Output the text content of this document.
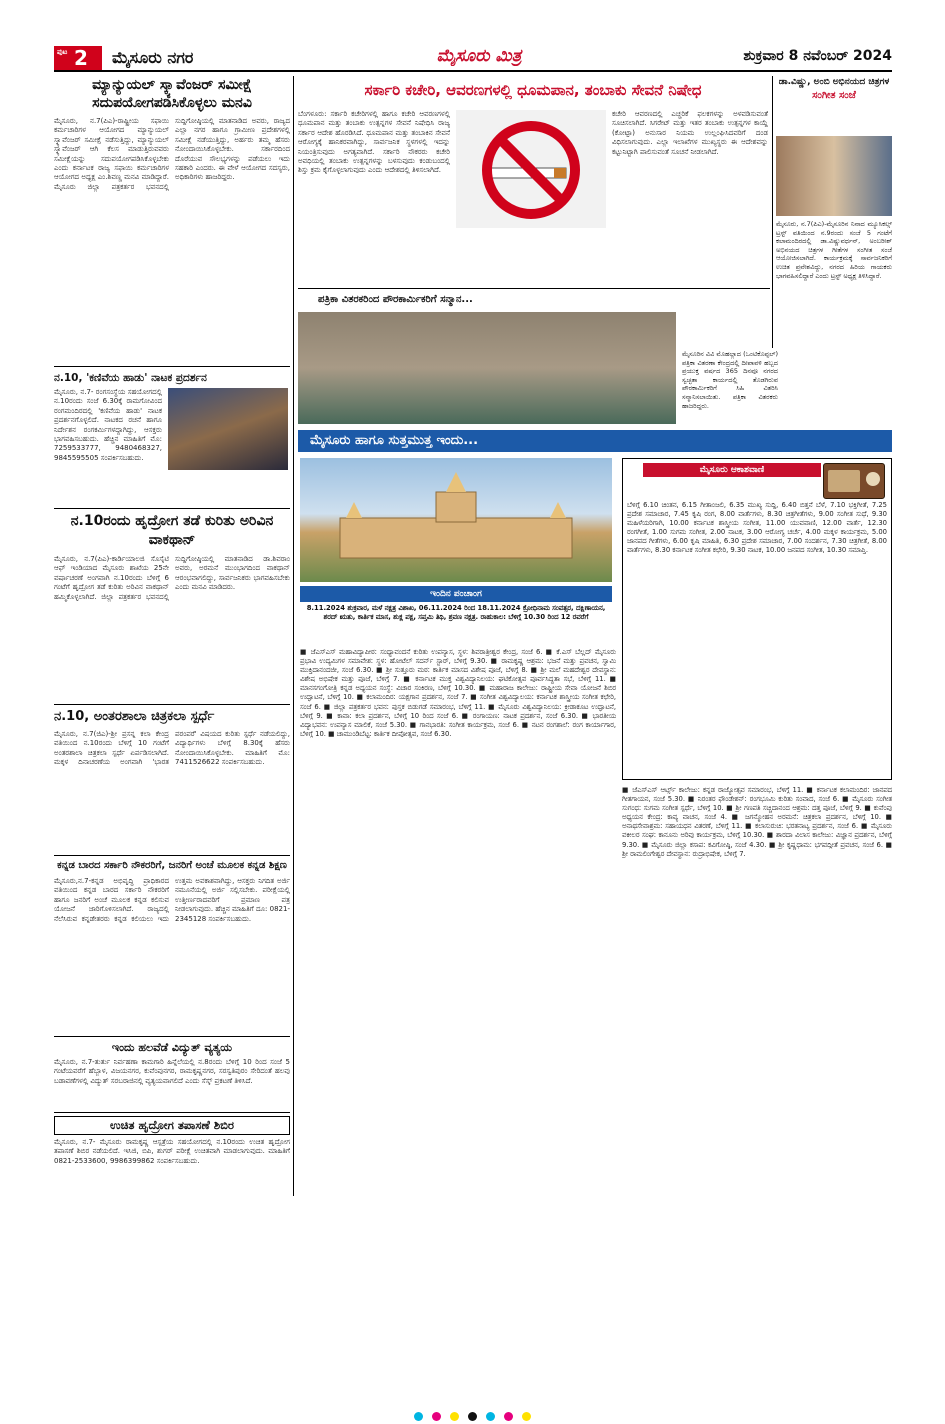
ಪುಟ 2 ಮೈಸೂರು ನಗರ	ಮೈಸೂರು ಮಿತ್ರ	ಶುಕ್ರವಾರ 8 ನವೆಂಬರ್ 2024
ಮ್ಯಾನ್ಯುಯಲ್ ಸ್ಕ್ಯಾವೆಂಜರ್ ಸಮೀಕ್ಷೆ ಸದುಪಯೋಗಪಡಿಸಿಕೊಳ್ಳಲು ಮನವಿ
ಮೈಸೂರು, ನ.7(ಪಿಎ)-ರಾಷ್ಟ್ರೀಯ ಸಫಾಯಿ ಕರ್ಮಚಾರಿಗಳ ಆಯೋಗದ ಮ್ಯಾನ್ಯುಯಲ್ ಸ್ಕ್ಯಾವೆಂಜರ್ ಸಮೀಕ್ಷೆ ನಡೆಸುತ್ತಿದ್ದು, ಮ್ಯಾನ್ಯುಯಲ್ ಸ್ಕ್ಯಾವೆಂಜರ್ ಆಗಿ ಕೆಲಸ ಮಾಡುತ್ತಿರುವವರು ಸಮೀಕ್ಷೆಯನ್ನು ಸದುಪಯೋಗಪಡಿಸಿಕೊಳ್ಳಬೇಕು ಎಂದು ಕರ್ನಾಟಕ ರಾಜ್ಯ ಸಫಾಯಿ ಕರ್ಮಚಾರಿಗಳ ಆಯೋಗದ ಅಧ್ಯಕ್ಷ ಎಂ.ಶಿವಣ್ಣ ಮನವಿ ಮಾಡಿದ್ದಾರೆ. ಮೈಸೂರು ಜಿಲ್ಲಾ ಪತ್ರಕರ್ತರ ಭವನದಲ್ಲಿ ಸುದ್ದಿಗೋಷ್ಠಿಯಲ್ಲಿ ಮಾತನಾಡಿದ ಅವರು, ರಾಜ್ಯದ ಎಲ್ಲಾ ನಗರ ಹಾಗೂ ಗ್ರಾಮೀಣ ಪ್ರದೇಶಗಳಲ್ಲಿ ಸಮೀಕ್ಷೆ ನಡೆಯುತ್ತಿದ್ದು, ಅರ್ಹರು ತಮ್ಮ ಹೆಸರು ನೋಂದಾಯಿಸಿಕೊಳ್ಳಬೇಕು. ಸರ್ಕಾರದಿಂದ ದೊರೆಯುವ ಸೌಲಭ್ಯಗಳನ್ನು ಪಡೆಯಲು ಇದು ಸಹಕಾರಿ ಎಂದರು. ಈ ವೇಳೆ ಆಯೋಗದ ಸದಸ್ಯರು, ಅಧಿಕಾರಿಗಳು ಹಾಜರಿದ್ದರು.
ನ.10, 'ಕಣಿವೆಯ ಹಾಡು' ನಾಟಕ ಪ್ರದರ್ಶನ
ಮೈಸೂರು, ನ.7- ರಂಗಸಂಸ್ಥೆಯ ಸಹಯೋಗದಲ್ಲಿ ನ.10ರಂದು ಸಂಜೆ 6.30ಕ್ಕೆ ರಾಮಗೋವಿಂದ ರಂಗಮಂದಿರದಲ್ಲಿ 'ಕಣಿವೆಯ ಹಾಡು' ನಾಟಕ ಪ್ರದರ್ಶನಗೊಳ್ಳಲಿದೆ. ನಾಟಕದ ರಚನೆ ಹಾಗೂ ನಿರ್ದೇಶನ ರಂಗಕರ್ಮಿಗಳದ್ದಾಗಿದ್ದು, ಆಸಕ್ತರು ಭಾಗವಹಿಸಬಹುದು. ಹೆಚ್ಚಿನ ಮಾಹಿತಿಗೆ ಮೊ: 7259533777, 9480468327, 9845595505 ಸಂಪರ್ಕಿಸಬಹುದು.
ನ.10ರಂದು ಹೃದ್ರೋಗ ತಡೆ ಕುರಿತು ಅರಿವಿನ ವಾಕಥಾನ್
ಮೈಸೂರು, ನ.7(ಪಿಎ)-ಕಾರ್ಡಿಯಾಲಜಿ ಸೊಸೈಟಿ ಆಫ್ ಇಂಡಿಯಾದ ಮೈಸೂರು ಶಾಖೆಯ 25ನೇ ವರ್ಷಾಚರಣೆ ಅಂಗವಾಗಿ ನ.10ರಂದು ಬೆಳಿಗ್ಗೆ 6 ಗಂಟೆಗೆ ಹೃದ್ರೋಗ ತಡೆ ಕುರಿತು ಅರಿವಿನ ವಾಕಥಾನ್ ಹಮ್ಮಿಕೊಳ್ಳಲಾಗಿದೆ. ಜಿಲ್ಲಾ ಪತ್ರಕರ್ತರ ಭವನದಲ್ಲಿ ಸುದ್ದಿಗೋಷ್ಠಿಯಲ್ಲಿ ಮಾತನಾಡಿದ ಡಾ.ಶಿವರಾಂ ಅವರು, ಅರಮನೆ ಮುಂಭಾಗದಿಂದ ವಾಕಥಾನ್ ಆರಂಭವಾಗಲಿದ್ದು, ಸಾರ್ವಜನಿಕರು ಭಾಗವಹಿಸಬೇಕು ಎಂದು ಮನವಿ ಮಾಡಿದರು.
ನ.10, ಅಂತರಶಾಲಾ ಚಿತ್ರಕಲಾ ಸ್ಪರ್ಧೆ
ಮೈಸೂರು, ನ.7(ಜಿಎ)-ಶ್ರೀ ಪ್ರಸನ್ನ ಕಲಾ ಕೇಂದ್ರ ವತಿಯಿಂದ ನ.10ರಂದು ಬೆಳಿಗ್ಗೆ 10 ಗಂಟೆಗೆ ಅಂತರಶಾಲಾ ಚಿತ್ರಕಲಾ ಸ್ಪರ್ಧೆ ಏರ್ಪಡಿಸಲಾಗಿದೆ. ಮಕ್ಕಳ ದಿನಾಚರಣೆಯ ಅಂಗವಾಗಿ 'ಭಾರತ ಪರಂಪರೆ' ವಿಷಯದ ಕುರಿತು ಸ್ಪರ್ಧೆ ನಡೆಯಲಿದ್ದು, ವಿದ್ಯಾರ್ಥಿಗಳು ಬೆಳಿಗ್ಗೆ 8.30ಕ್ಕೆ ಹೆಸರು ನೋಂದಾಯಿಸಿಕೊಳ್ಳಬೇಕು. ಮಾಹಿತಿಗೆ ಮೊ: 7411526622 ಸಂಪರ್ಕಿಸಬಹುದು.
ಕನ್ನಡ ಬಾರದ ಸರ್ಕಾರಿ ನೌಕರರಿಗೆ, ಜನರಿಗೆ ಅಂಚೆ ಮೂಲಕ ಕನ್ನಡ ಶಿಕ್ಷಣ
ಮೈಸೂರು,ನ.7-ಕನ್ನಡ ಅಭಿವೃದ್ಧಿ ಪ್ರಾಧಿಕಾರದ ವತಿಯಿಂದ ಕನ್ನಡ ಬಾರದ ಸರ್ಕಾರಿ ನೌಕರರಿಗೆ ಹಾಗೂ ಜನರಿಗೆ ಅಂಚೆ ಮೂಲಕ ಕನ್ನಡ ಕಲಿಸುವ ಯೋಜನೆ ಜಾರಿಗೊಳಿಸಲಾಗಿದೆ. ರಾಜ್ಯದಲ್ಲಿ ನೆಲೆಸಿರುವ ಕನ್ನಡೇತರರು ಕನ್ನಡ ಕಲಿಯಲು ಇದು ಉತ್ತಮ ಅವಕಾಶವಾಗಿದ್ದು, ಆಸಕ್ತರು ನಿಗದಿತ ಅರ್ಜಿ ನಮೂನೆಯಲ್ಲಿ ಅರ್ಜಿ ಸಲ್ಲಿಸಬೇಕು. ಪರೀಕ್ಷೆಯಲ್ಲಿ ಉತ್ತೀರ್ಣರಾದವರಿಗೆ ಪ್ರಮಾಣ ಪತ್ರ ನೀಡಲಾಗುವುದು. ಹೆಚ್ಚಿನ ಮಾಹಿತಿಗೆ ದೂ: 0821-2345128 ಸಂಪರ್ಕಿಸಬಹುದು.
ಇಂದು ಹಲವೆಡೆ ವಿದ್ಯುತ್ ವ್ಯತ್ಯಯ
ಮೈಸೂರು, ನ.7-ತುರ್ತು ನಿರ್ವಹಣಾ ಕಾಮಗಾರಿ ಹಿನ್ನೆಲೆಯಲ್ಲಿ ನ.8ರಂದು ಬೆಳಿಗ್ಗೆ 10 ರಿಂದ ಸಂಜೆ 5 ಗಂಟೆಯವರೆಗೆ ಹೆಬ್ಬಾಳ, ವಿಜಯನಗರ, ಕುವೆಂಪುನಗರ, ರಾಮಕೃಷ್ಣನಗರ, ಸರಸ್ವತಿಪುರಂ ಸೇರಿದಂತೆ ಹಲವು ಬಡಾವಣೆಗಳಲ್ಲಿ ವಿದ್ಯುತ್ ಸರಬರಾಜಿನಲ್ಲಿ ವ್ಯತ್ಯಯವಾಗಲಿದೆ ಎಂದು ಸೆಸ್ಕ್ ಪ್ರಕಟಣೆ ತಿಳಿಸಿದೆ.
ಉಚಿತ ಹೃದ್ರೋಗ ತಪಾಸಣೆ ಶಿಬಿರ
ಮೈಸೂರು, ನ.7- ಮೈಸೂರು ರಾಮಕೃಷ್ಣ ಆಸ್ಪತ್ರೆಯ ಸಹಯೋಗದಲ್ಲಿ ನ.10ರಂದು ಉಚಿತ ಹೃದ್ರೋಗ ತಪಾಸಣೆ ಶಿಬಿರ ನಡೆಯಲಿದೆ. ಇಸಿಜಿ, ಬಿಪಿ, ಶುಗರ್ ಪರೀಕ್ಷೆ ಉಚಿತವಾಗಿ ಮಾಡಲಾಗುವುದು. ಮಾಹಿತಿಗೆ 0821-2533600, 9986399862 ಸಂಪರ್ಕಿಸಬಹುದು.
ಸರ್ಕಾರಿ ಕಚೇರಿ, ಆವರಣಗಳಲ್ಲಿ ಧೂಮಪಾನ, ತಂಬಾಕು ಸೇವನೆ ನಿಷೇಧ
ಬೆಂಗಳೂರು: ಸರ್ಕಾರಿ ಕಚೇರಿಗಳಲ್ಲಿ ಹಾಗೂ ಕಚೇರಿ ಆವರಣಗಳಲ್ಲಿ ಧೂಮಪಾನ ಮತ್ತು ತಂಬಾಕು ಉತ್ಪನ್ನಗಳ ಸೇವನೆ ನಿಷೇಧಿಸಿ ರಾಜ್ಯ ಸರ್ಕಾರ ಆದೇಶ ಹೊರಡಿಸಿದೆ. ಧೂಮಪಾನ ಮತ್ತು ತಂಬಾಕಿನ ಸೇವನೆ ಆರೋಗ್ಯಕ್ಕೆ ಹಾನಿಕರವಾಗಿದ್ದು, ಸಾರ್ವಜನಿಕ ಸ್ಥಳಗಳಲ್ಲಿ ಇದನ್ನು ನಿಯಂತ್ರಿಸುವುದು ಅಗತ್ಯವಾಗಿದೆ. ಸರ್ಕಾರಿ ನೌಕರರು ಕಚೇರಿ ಅವಧಿಯಲ್ಲಿ ತಂಬಾಕು ಉತ್ಪನ್ನಗಳನ್ನು ಬಳಸುವುದು ಕಂಡುಬಂದಲ್ಲಿ ಶಿಸ್ತು ಕ್ರಮ ಕೈಗೊಳ್ಳಲಾಗುವುದು ಎಂದು ಆದೇಶದಲ್ಲಿ ತಿಳಿಸಲಾಗಿದೆ.
ಕಚೇರಿ ಆವರಣದಲ್ಲಿ ಎಚ್ಚರಿಕೆ ಫಲಕಗಳನ್ನು ಅಳವಡಿಸುವಂತೆ ಸೂಚಿಸಲಾಗಿದೆ. ಸಿಗರೇಟ್ ಮತ್ತು ಇತರ ತಂಬಾಕು ಉತ್ಪನ್ನಗಳ ಕಾಯ್ದೆ (ಕೋಟ್ಪಾ) ಅನುಸಾರ ನಿಯಮ ಉಲ್ಲಂಘಿಸಿದವರಿಗೆ ದಂಡ ವಿಧಿಸಲಾಗುವುದು. ಎಲ್ಲಾ ಇಲಾಖೆಗಳ ಮುಖ್ಯಸ್ಥರು ಈ ಆದೇಶವನ್ನು ಕಟ್ಟುನಿಟ್ಟಾಗಿ ಪಾಲಿಸುವಂತೆ ಸೂಚನೆ ನೀಡಲಾಗಿದೆ.
ಡಾ.ವಿಷ್ಣು, ಅಂಬಿ ಅಭಿನಯದ ಚಿತ್ರಗಳ
ಸಂಗೀತ ಸಂಜೆ
ಮೈಸೂರು, ನ.7(ಪಿಎ)-ಮೈಸೂರಿನ ನಿನಾದ ಮ್ಯೂಸಿಕಲ್ಸ್ ಟ್ರಸ್ಟ್ ವತಿಯಿಂದ ನ.9ರಂದು ಸಂಜೆ 5 ಗಂಟೆಗೆ ಕಲಾಮಂದಿರದಲ್ಲಿ ಡಾ.ವಿಷ್ಣುವರ್ಧನ್, ಅಂಬರೀಶ್ ಅಭಿನಯದ ಚಿತ್ರಗಳ ಗೀತೆಗಳ ಸಂಗೀತ ಸಂಜೆ ಆಯೋಜಿಸಲಾಗಿದೆ. ಕಾರ್ಯಕ್ರಮಕ್ಕೆ ಸಾರ್ವಜನಿಕರಿಗೆ ಉಚಿತ ಪ್ರವೇಶವಿದ್ದು, ನಗರದ ಹಿರಿಯ ಗಾಯಕರು ಭಾಗವಹಿಸಲಿದ್ದಾರೆ ಎಂದು ಟ್ರಸ್ಟ್ ಅಧ್ಯಕ್ಷ ತಿಳಿಸಿದ್ದಾರೆ.
ಪತ್ರಿಕಾ ವಿತರಕರಿಂದ ಪೌರಕಾರ್ಮಿಕರಿಗೆ ಸನ್ಮಾನ...
ಮೈಸೂರಿನ ವಿವಿ ಮೊಹಲ್ಲಾದ (ಒಂಟಿಕೊಪ್ಪಲ್) ಪತ್ರಿಕಾ ವಿತರಣಾ ಕೇಂದ್ರದಲ್ಲಿ ದೀಪಾವಳಿ ಹಬ್ಬದ ಪ್ರಯುಕ್ತ ವರ್ಷದ 365 ದಿನವೂ ನಗರದ ಸ್ವಚ್ಛತಾ ಕಾರ್ಯದಲ್ಲಿ ತೊಡಗಿರುವ ಪೌರಕಾರ್ಮಿಕರಿಗೆ ಸಿಹಿ ವಿತರಿಸಿ ಸನ್ಮಾನಿಸಲಾಯಿತು. ಪತ್ರಿಕಾ ವಿತರಕರು ಹಾಜರಿದ್ದರು.
ಮೈಸೂರು ಹಾಗೂ ಸುತ್ತಮುತ್ತ ಇಂದು...
ಇಂದಿನ ಪಂಚಾಂಗ
8.11.2024 ಶುಕ್ರವಾರ, ಮಳೆ ನಕ್ಷತ್ರ ವಿಶಾಖ, 06.11.2024 ರಿಂದ 18.11.2024 ಕ್ರೋಧಿನಾಮ ಸಂವತ್ಸರ, ದಕ್ಷಿಣಾಯನ, ಶರದ್ ಋತು, ಕಾರ್ತಿಕ ಮಾಸ, ಶುಕ್ಲ ಪಕ್ಷ, ಸಪ್ತಮಿ ತಿಥಿ, ಶ್ರವಣ ನಕ್ಷತ್ರ. ರಾಹುಕಾಲ: ಬೆಳಿಗ್ಗೆ 10.30 ರಿಂದ 12 ರವರೆಗೆ
ಮೈಸೂರು ಆಕಾಶವಾಣಿ
ಬೆಳಿಗ್ಗೆ 6.10 ಚಿಂತನ, 6.15 ಗೀತಾಂಜಲಿ, 6.35 ಮುಖ್ಯ ಸುದ್ದಿ, 6.40 ಬಿತ್ತನೆ ಬೆಳೆ, 7.10 ಭಕ್ತಿಗೀತೆ, 7.25 ಪ್ರದೇಶ ಸಮಾಚಾರ, 7.45 ಕೃಷಿ ರಂಗ, 8.00 ವಾರ್ತೆಗಳು, 8.30 ಚಿತ್ರಗೀತೆಗಳು, 9.00 ಸಂಗೀತ ಸುಧೆ, 9.30 ಮಹಿಳೆಯರಿಗಾಗಿ, 10.00 ಕರ್ನಾಟಕ ಶಾಸ್ತ್ರೀಯ ಸಂಗೀತ, 11.00 ಯುವವಾಣಿ, 12.00 ವಾರ್ತೆ, 12.30 ರಂಗಗೀತೆ, 1.00 ಸುಗಮ ಸಂಗೀತ, 2.00 ನಾಟಕ, 3.00 ಆರೋಗ್ಯ ಚರ್ಚೆ, 4.00 ಮಕ್ಕಳ ಕಾರ್ಯಕ್ರಮ, 5.00 ಜಾನಪದ ಗೀತೆಗಳು, 6.00 ಕೃಷಿ ಮಾಹಿತಿ, 6.30 ಪ್ರದೇಶ ಸಮಾಚಾರ, 7.00 ಸಂದರ್ಶನ, 7.30 ಚಿತ್ರಗೀತೆ, 8.00 ವಾರ್ತೆಗಳು, 8.30 ಕರ್ನಾಟಕ ಸಂಗೀತ ಕಛೇರಿ, 9.30 ನಾಟಕ, 10.00 ಜನಪದ ಸಂಗೀತ, 10.30 ಸಮಾಪ್ತಿ.
■ ಜೆಎಸ್ಎಸ್ ಮಹಾವಿದ್ಯಾಪೀಠ: ಸಂಧ್ಯಾವಂದನೆ ಕುರಿತು ಉಪನ್ಯಾಸ, ಸ್ಥಳ: ಶಿವರಾತ್ರೀಶ್ವರ ಕೇಂದ್ರ, ಸಂಜೆ 6. ■ ಕೆ.ಎಸ್ ಬೆಲ್ಲದ್ ಮೈಸೂರು ಪ್ರಭಾವಿ ಉದ್ಯಮಿಗಳ ಸಮಾವೇಶ: ಸ್ಥಳ: ಹೋಟೆಲ್ ಸದರ್ನ್ ಸ್ಟಾರ್, ಬೆಳಿಗ್ಗೆ 9.30. ■ ರಾಮಕೃಷ್ಣ ಆಶ್ರಮ: ಭಜನೆ ಮತ್ತು ಪ್ರವಚನ, ಸ್ವಾಮಿ ಮುಕ್ತಿದಾನಂದಜೀ, ಸಂಜೆ 6.30. ■ ಶ್ರೀ ಸುತ್ತೂರು ಮಠ: ಕಾರ್ತಿಕ ಮಾಸದ ವಿಶೇಷ ಪೂಜೆ, ಬೆಳಿಗ್ಗೆ 8. ■ ಶ್ರೀ ಮಲೆ ಮಹದೇಶ್ವರ ದೇವಸ್ಥಾನ: ವಿಶೇಷ ಅಭಿಷೇಕ ಮತ್ತು ಪೂಜೆ, ಬೆಳಿಗ್ಗೆ 7. ■ ಕರ್ನಾಟಕ ಮುಕ್ತ ವಿಶ್ವವಿದ್ಯಾನಿಲಯ: ಘಟಿಕೋತ್ಸವ ಪೂರ್ವಸಿದ್ಧತಾ ಸಭೆ, ಬೆಳಿಗ್ಗೆ 11. ■ ಮಾನಸಗಂಗೋತ್ರಿ ಕನ್ನಡ ಅಧ್ಯಯನ ಸಂಸ್ಥೆ: ವಿಚಾರ ಸಂಕಿರಣ, ಬೆಳಿಗ್ಗೆ 10.30. ■ ಮಹಾರಾಜ ಕಾಲೇಜು: ರಾಷ್ಟ್ರೀಯ ಸೇವಾ ಯೋಜನೆ ಶಿಬಿರ ಉದ್ಘಾಟನೆ, ಬೆಳಿಗ್ಗೆ 10. ■ ಕಲಾಮಂದಿರ: ಯಕ್ಷಗಾನ ಪ್ರದರ್ಶನ, ಸಂಜೆ 7. ■ ಸಂಗೀತ ವಿಶ್ವವಿದ್ಯಾಲಯ: ಕರ್ನಾಟಕ ಶಾಸ್ತ್ರೀಯ ಸಂಗೀತ ಕಛೇರಿ, ಸಂಜೆ 6. ■ ಜಿಲ್ಲಾ ಪತ್ರಕರ್ತರ ಭವನ: ಪುಸ್ತಕ ಬಿಡುಗಡೆ ಸಮಾರಂಭ, ಬೆಳಿಗ್ಗೆ 11. ■ ಮೈಸೂರು ವಿಶ್ವವಿದ್ಯಾನಿಲಯ: ಕ್ರೀಡಾಕೂಟ ಉದ್ಘಾಟನೆ, ಬೆಳಿಗ್ಗೆ 9. ■ ಕಾವಾ: ಕಲಾ ಪ್ರದರ್ಶನ, ಬೆಳಿಗ್ಗೆ 10 ರಿಂದ ಸಂಜೆ 6. ■ ರಂಗಾಯಣ: ನಾಟಕ ಪ್ರದರ್ಶನ, ಸಂಜೆ 6.30. ■ ಭಾರತೀಯ ವಿದ್ಯಾಭವನ: ಉಪನ್ಯಾಸ ಮಾಲಿಕೆ, ಸಂಜೆ 5.30. ■ ಗಾನಭಾರತಿ: ಸಂಗೀತ ಕಾರ್ಯಕ್ರಮ, ಸಂಜೆ 6. ■ ನಟನ ರಂಗಶಾಲೆ: ರಂಗ ಕಾರ್ಯಾಗಾರ, ಬೆಳಿಗ್ಗೆ 10. ■ ಚಾಮುಂಡಿಬೆಟ್ಟ: ಕಾರ್ತಿಕ ದೀಪೋತ್ಸವ, ಸಂಜೆ 6.30.
■ ಜೆಎಸ್ಎಸ್ ಆರ್ಟ್ಸ್ ಕಾಲೇಜು: ಕನ್ನಡ ರಾಜ್ಯೋತ್ಸವ ಸಮಾರಂಭ, ಬೆಳಿಗ್ಗೆ 11. ■ ಕರ್ನಾಟಕ ಕಲಾಮಂದಿರ: ಜಾನಪದ ಗೀತಗಾಯನ, ಸಂಜೆ 5.30. ■ ನಿರಂತರ ಫೌಂಡೇಶನ್: ರಂಗಭೂಮಿ ಕುರಿತು ಸಂವಾದ, ಸಂಜೆ 6. ■ ಮೈಸೂರು ಸಂಗೀತ ಸುಗಂಧ: ಸುಗಮ ಸಂಗೀತ ಸ್ಪರ್ಧೆ, ಬೆಳಿಗ್ಗೆ 10. ■ ಶ್ರೀ ಗಣಪತಿ ಸಚ್ಚಿದಾನಂದ ಆಶ್ರಮ: ದತ್ತ ಪೂಜೆ, ಬೆಳಿಗ್ಗೆ 9. ■ ಕುವೆಂಪು ಅಧ್ಯಯನ ಕೇಂದ್ರ: ಕಾವ್ಯ ವಾಚನ, ಸಂಜೆ 4. ■ ಜಗನ್ಮೋಹನ ಅರಮನೆ: ಚಿತ್ರಕಲಾ ಪ್ರದರ್ಶನ, ಬೆಳಿಗ್ಗೆ 10. ■ ಅನಾಥಸೇವಾಶ್ರಮ: ಸಹಾಯಧನ ವಿತರಣೆ, ಬೆಳಿಗ್ಗೆ 11. ■ ಕಲಾಸುರುಚಿ: ಭರತನಾಟ್ಯ ಪ್ರದರ್ಶನ, ಸಂಜೆ 6. ■ ಮೈಸೂರು ವಕೀಲರ ಸಂಘ: ಕಾನೂನು ಅರಿವು ಕಾರ್ಯಕ್ರಮ, ಬೆಳಿಗ್ಗೆ 10.30. ■ ಶಾರದಾ ವಿಲಾಸ ಕಾಲೇಜು: ವಿಜ್ಞಾನ ಪ್ರದರ್ಶನ, ಬೆಳಿಗ್ಗೆ 9.30. ■ ಮೈಸೂರು ಜಿಲ್ಲಾ ಕಸಾಪ: ಕವಿಗೋಷ್ಠಿ, ಸಂಜೆ 4.30. ■ ಶ್ರೀ ಕೃಷ್ಣಧಾಮ: ಭಗವದ್ಗೀತೆ ಪ್ರವಚನ, ಸಂಜೆ 6. ■ ಶ್ರೀ ರಾಮಲಿಂಗೇಶ್ವರ ದೇವಸ್ಥಾನ: ರುದ್ರಾಭಿಷೇಕ, ಬೆಳಿಗ್ಗೆ 7.
